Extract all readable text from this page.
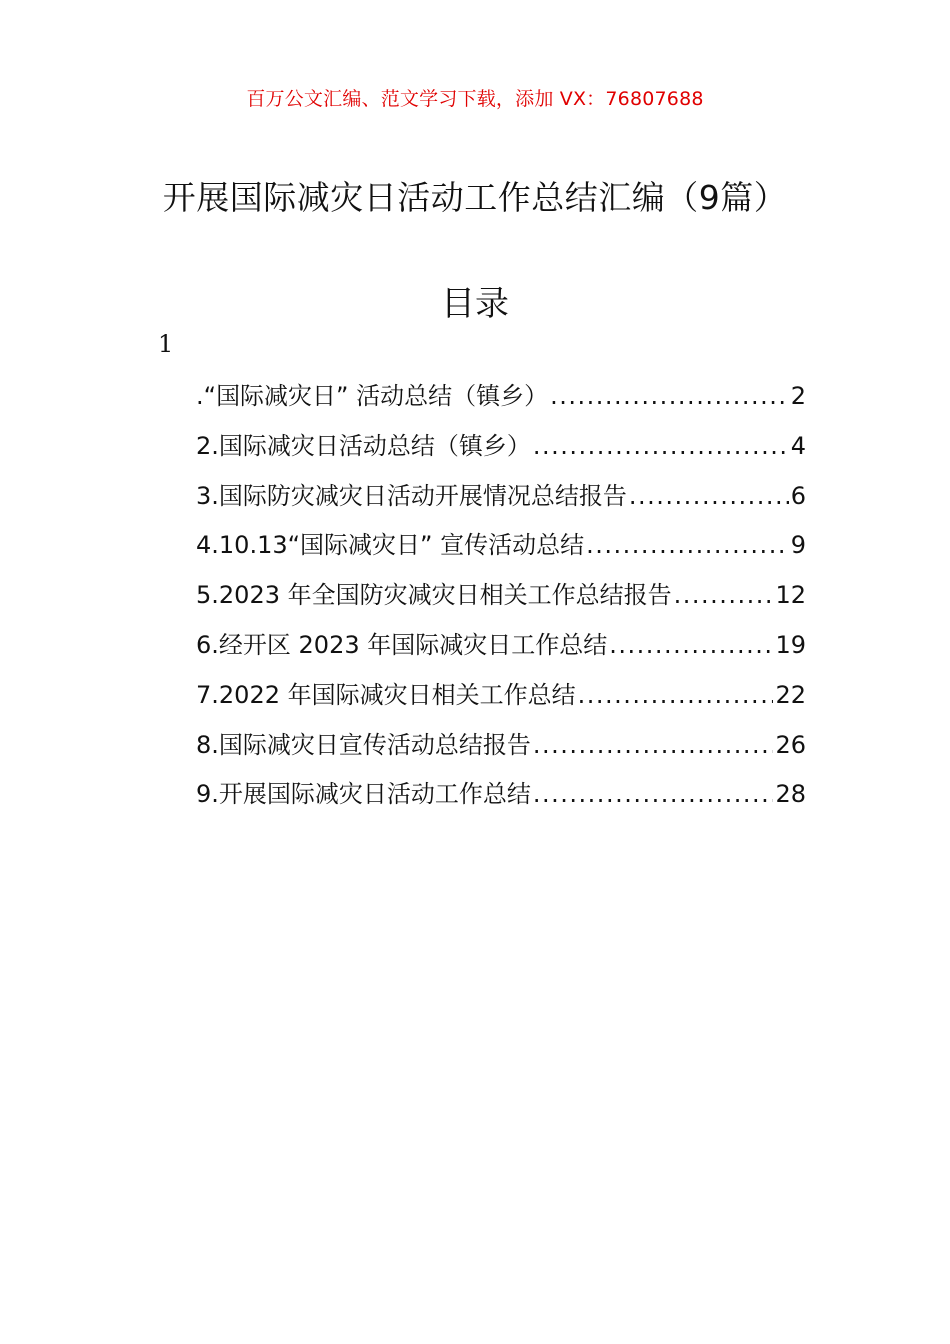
百万公文汇编、范文学习下载，添加 VX：76807688
开展国际减灾日活动工作总结汇编（9篇）
目录
1
.“国际减灾日” 活动总结（镇乡） .....	2
2.国际减灾日活动总结（镇乡） .....	4
3.国际防灾减灾日活动开展情况总结报告 .....	6
4.10.13“国际减灾日” 宣传活动总结 .....	9
5.2023 年全国防灾减灾日相关工作总结报告 .....	12
6.经开区 2023 年国际减灾日工作总结 .....	19
7.2022 年国际减灾日相关工作总结 .....	22
8.国际减灾日宣传活动总结报告 .....	26
9.开展国际减灾日活动工作总结 .....	28
